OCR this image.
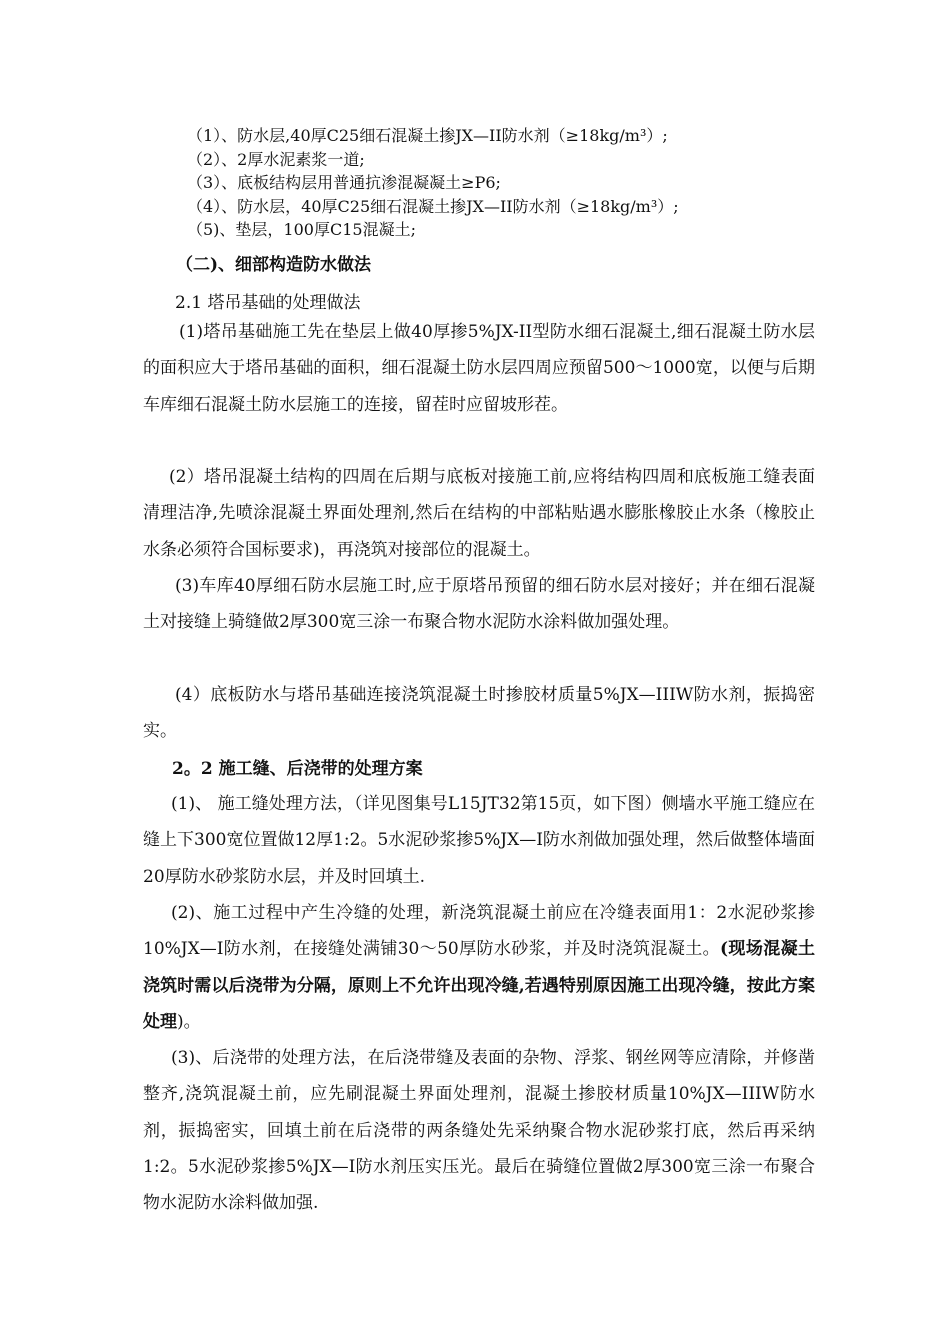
（1）、防水层,40厚C25细石混凝土掺JX—II防水剂（≥18kg/m³）;
（2）、2厚水泥素浆一道;
（3）、底板结构层用普通抗渗混凝凝土≥P6;
（4）、防水层，40厚C25细石混凝土掺JX—II防水剂（≥18kg/m³）;
（5)、垫层，100厚C15混凝土;
（二)、细部构造防水做法
2.1 塔吊基础的处理做法
(1)塔吊基础施工先在垫层上做40厚掺5%JX-II型防水细石混凝土,细石混凝土防水层的面积应大于塔吊基础的面积，细石混凝土防水层四周应预留500～1000宽，以便与后期车库细石混凝土防水层施工的连接，留茬时应留坡形茬。
(2）塔吊混凝土结构的四周在后期与底板对接施工前,应将结构四周和底板施工缝表面清理洁净,先喷涂混凝土界面处理剂,然后在结构的中部粘贴遇水膨胀橡胶止水条（橡胶止水条必须符合国标要求)，再浇筑对接部位的混凝土。
(3)车库40厚细石防水层施工时,应于原塔吊预留的细石防水层对接好；并在细石混凝土对接缝上骑缝做2厚300宽三涂一布聚合物水泥防水涂料做加强处理。
(4）底板防水与塔吊基础连接浇筑混凝土时掺胶材质量5%JX—IIIW防水剂，振捣密实。
2。2 施工缝、后浇带的处理方案
(1)、 施工缝处理方法，（详见图集号L15JT32第15页，如下图）侧墙水平施工缝应在缝上下300宽位置做12厚1:2。5水泥砂浆掺5%JX—I防水剂做加强处理，然后做整体墙面20厚防水砂浆防水层，并及时回填土.
(2)、施工过程中产生冷缝的处理，新浇筑混凝土前应在冷缝表面用1：2水泥砂浆掺10%JX—I防水剂，在接缝处满铺30～50厚防水砂浆，并及时浇筑混凝土。(现场混凝土浇筑时需以后浇带为分隔，原则上不允许出现冷缝,若遇特别原因施工出现冷缝，按此方案处理)。
(3)、后浇带的处理方法，在后浇带缝及表面的杂物、浮浆、钢丝网等应清除，并修凿整齐,浇筑混凝土前，应先刷混凝土界面处理剂，混凝土掺胶材质量10%JX—IIIW防水剂，振捣密实，回填土前在后浇带的两条缝处先采纳聚合物水泥砂浆打底，然后再采纳1:2。5水泥砂浆掺5%JX—I防水剂压实压光。最后在骑缝位置做2厚300宽三涂一布聚合物水泥防水涂料做加强.
